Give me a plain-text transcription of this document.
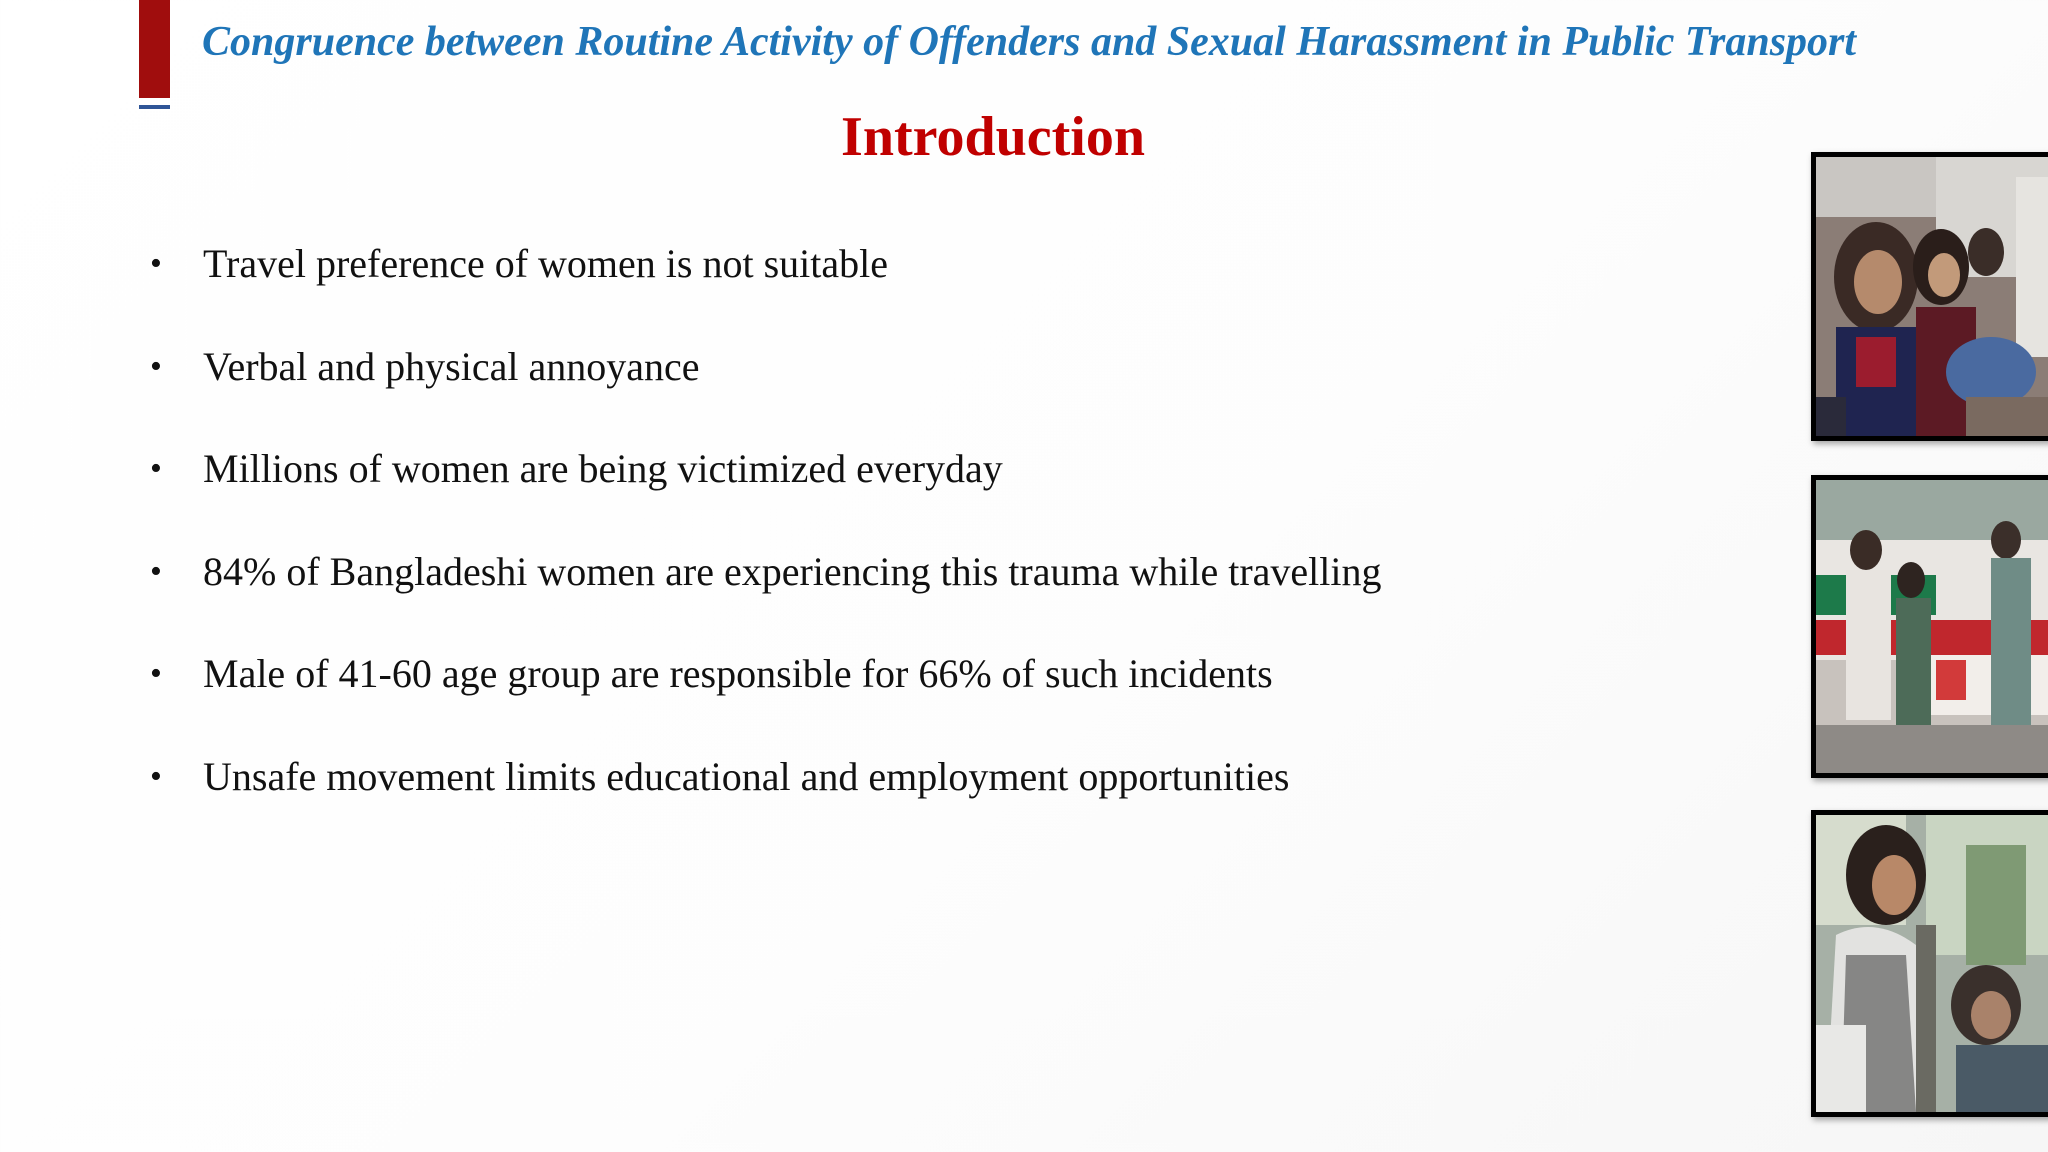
Congruence between Routine Activity of Offenders and Sexual Harassment in Public Transport
Introduction
• Travel preference of women is not suitable
• Verbal and physical annoyance
• Millions of women are being victimized everyday
• 84% of Bangladeshi women are experiencing this trauma while travelling
• Male of 41-60 age group are responsible for 66% of such incidents
• Unsafe movement limits educational and employment opportunities
